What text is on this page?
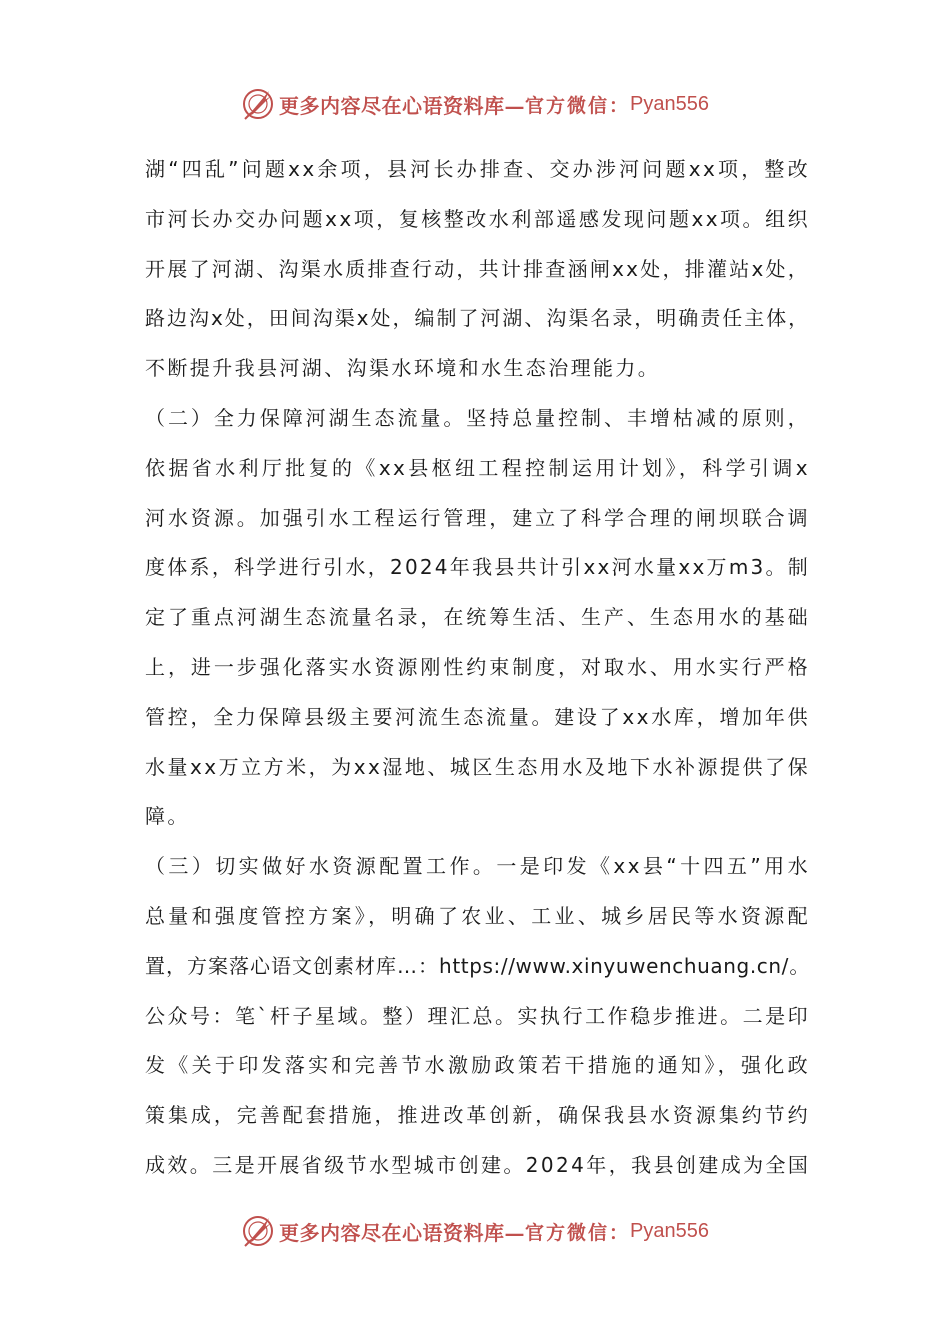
更多内容尽在心语资料库— 官方微信： Pyan556
湖“四乱”问题xx余项，县河长办排查、交办涉河问题xx项，整改
市河长办交办问题xx项，复核整改水利部遥感发现问题xx项。组织
开展了河湖、沟渠水质排查行动，共计排查涵闸xx处，排灌站x处，
路边沟x处，田间沟渠x处，编制了河湖、沟渠名录，明确责任主体，
不断提升我县河湖、沟渠水环境和水生态治理能力。
（二）全力保障河湖生态流量。坚持总量控制、丰增枯减的原则，
依据省水利厅批复的《xx县枢纽工程控制运用计划》，科学引调x
河水资源。加强引水工程运行管理，建立了科学合理的闸坝联合调
度体系，科学进行引水，2024年我县共计引xx河水量xx万m3。制
定了重点河湖生态流量名录，在统筹生活、生产、生态用水的基础
上，进一步强化落实水资源刚性约束制度，对取水、用水实行严格
管控，全力保障县级主要河流生态流量。建设了xx水库，增加年供
水量xx万立方米，为xx湿地、城区生态用水及地下水补源提供了保
障。
（三）切实做好水资源配置工作。一是印发《xx县“十四五”用水
总量和强度管控方案》，明确了农业、工业、城乡居民等水资源配
置，方案落心语文创素材库…：https://www.xinyuwenchuang.cn/。
公众号：笔`杆子星域。整）理汇总。实执行工作稳步推进。二是印
发《关于印发落实和完善节水激励政策若干措施的通知》，强化政
策集成，完善配套措施，推进改革创新，确保我县水资源集约节约
成效。三是开展省级节水型城市创建。2024年，我县创建成为全国
更多内容尽在心语资料库— 官方微信： Pyan556
